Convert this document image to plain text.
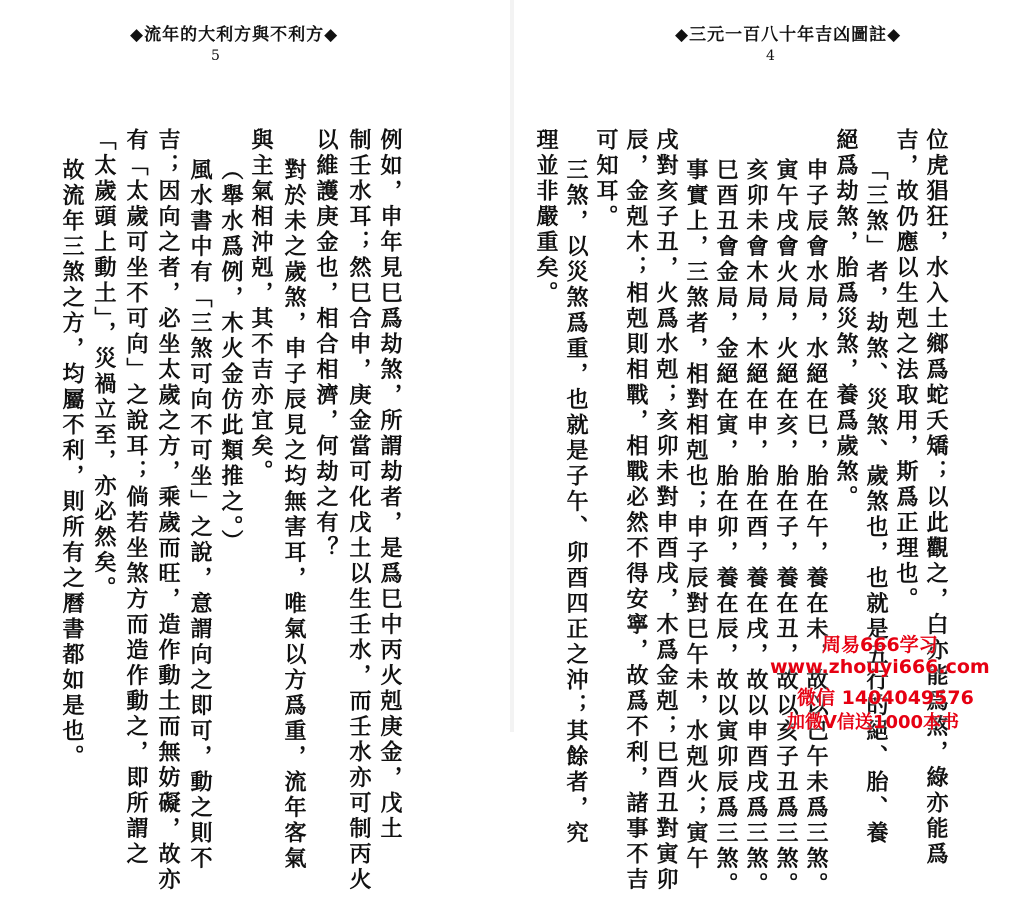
◆流年的大利方與不利方◆
5
例如，申年見巳爲劫煞，所謂劫者，是爲巳中丙火剋庚金，戊土
制壬水耳；然巳合申，庚金當可化戊土以生壬水，而壬水亦可制丙火
以維護庚金也，相合相濟，何劫之有？
對於未之歲煞，申子辰見之均無害耳，唯氣以方爲重，流年客氣
與主氣相沖剋，其不吉亦宜矣。
（舉水爲例，木火金仿此類推之。）
風水書中有「三煞可向不可坐」之說，意謂向之即可，動之則不
吉；因向之者，必坐太歲之方，乘歲而旺，造作動土而無妨礙，故亦
有「太歲可坐不可向」之說耳；倘若坐煞方而造作動之，即所謂之
「太歲頭上動土」，災禍立至，亦必然矣。
故流年三煞之方，均屬不利，則所有之曆書都如是也。
◆三元一百八十年吉凶圖註◆
4
位虎猖狂，水入土鄉爲蛇夭矯；以此觀之，白亦能爲煞，綠亦能爲
吉，故仍應以生剋之法取用，斯爲正理也。
「三煞」者，劫煞、災煞、歲煞也，也就是五行的絕、胎、養
絕爲劫煞，胎爲災煞，養爲歲煞。
申子辰會水局，水絕在巳，胎在午，養在未，故以巳午未爲三煞。
寅午戌會火局，火絕在亥，胎在子，養在丑，故以亥子丑爲三煞。
亥卯未會木局，木絕在申，胎在酉，養在戌，故以申酉戌爲三煞。
巳酉丑會金局，金絕在寅，胎在卯，養在辰，故以寅卯辰爲三煞。
事實上，三煞者，相對相剋也；申子辰對巳午未，水剋火；寅午
戌對亥子丑，火爲水剋；亥卯未對申酉戌，木爲金剋；巳酉丑對寅卯
辰，金剋木；相剋則相戰，相戰必然不得安寧，故爲不利，諸事不吉
可知耳。
三煞，以災煞爲重，也就是子午、卯酉四正之沖；其餘者，究
理並非嚴重矣。
周易666学习
www.zhouyi666.com
微信 1404049576
加微V信送1000本书
